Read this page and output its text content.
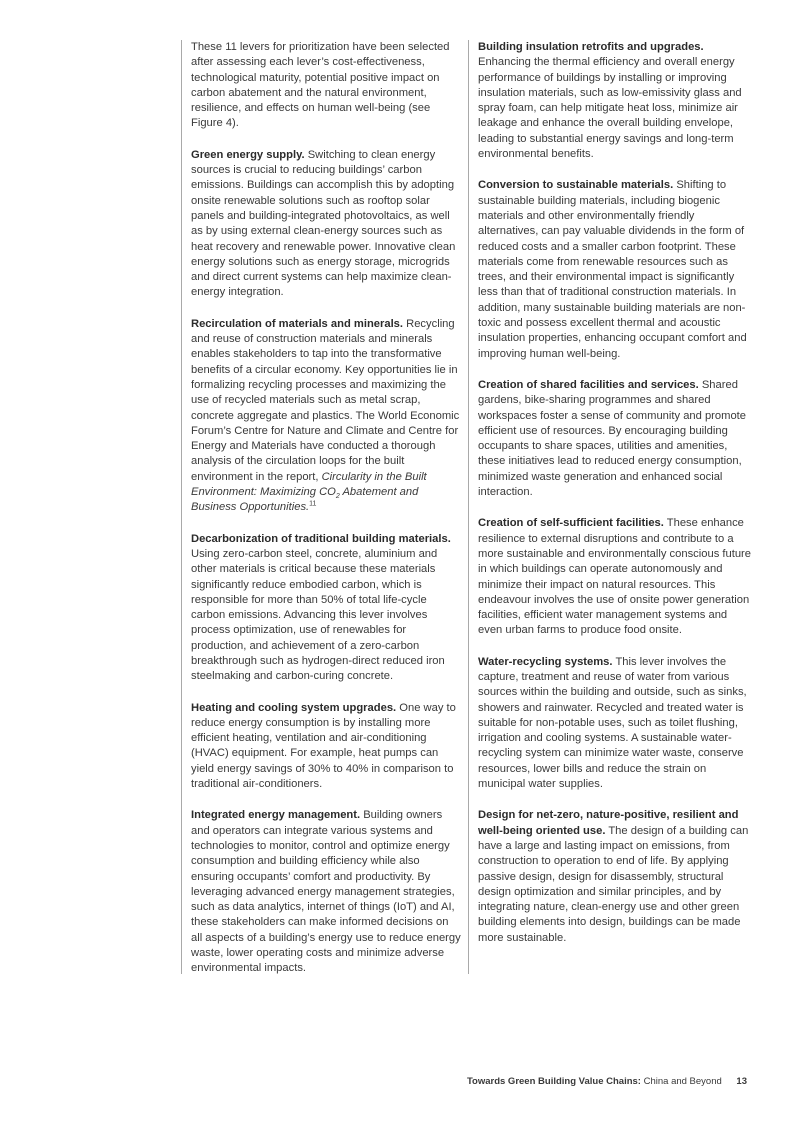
These 11 levers for prioritization have been selected after assessing each lever’s cost-effectiveness, technological maturity, potential positive impact on carbon abatement and the natural environment, resilience, and effects on human well-being (see Figure 4).

Green energy supply. Switching to clean energy sources is crucial to reducing buildings’ carbon emissions. Buildings can accomplish this by adopting onsite renewable solutions such as rooftop solar panels and building-integrated photovoltaics, as well as by using external clean-energy sources such as heat recovery and renewable power. Innovative clean energy solutions such as energy storage, microgrids and direct current systems can help maximize clean-energy integration.

Recirculation of materials and minerals. Recycling and reuse of construction materials and minerals enables stakeholders to tap into the transformative benefits of a circular economy. Key opportunities lie in formalizing recycling processes and maximizing the use of recycled materials such as metal scrap, concrete aggregate and plastics. The World Economic Forum’s Centre for Nature and Climate and Centre for Energy and Materials have conducted a thorough analysis of the circulation loops for the built environment in the report, Circularity in the Built Environment: Maximizing $CO_2$ Abatement and Business Opportunities.$^{11}$

Decarbonization of traditional building materials. Using zero-carbon steel, concrete, aluminium and other materials is critical because these materials significantly reduce embodied carbon, which is responsible for more than 50% of total life-cycle carbon emissions. Advancing this lever involves process optimization, use of renewables for production, and achievement of a zero-carbon breakthrough such as hydrogen-direct reduced iron steelmaking and carbon-curing concrete.

Heating and cooling system upgrades. One way to reduce energy consumption is by installing more efficient heating, ventilation and air-conditioning (HVAC) equipment. For example, heat pumps can yield energy savings of 30% to 40% in comparison to traditional air-conditioners.

Integrated energy management. Building owners and operators can integrate various systems and technologies to monitor, control and optimize energy consumption and building efficiency while also ensuring occupants’ comfort and productivity. By leveraging advanced energy management strategies, such as data analytics, internet of things (IoT) and AI, these stakeholders can make informed decisions on all aspects of a building’s energy use to reduce energy waste, lower operating costs and minimize adverse environmental impacts.

Building insulation retrofits and upgrades. Enhancing the thermal efficiency and overall energy performance of buildings by installing or improving insulation materials, such as low-emissivity glass and spray foam, can help mitigate heat loss, minimize air leakage and enhance the overall building envelope, leading to substantial energy savings and long-term environmental benefits.

Conversion to sustainable materials. Shifting to sustainable building materials, including biogenic materials and other environmentally friendly alternatives, can pay valuable dividends in the form of reduced costs and a smaller carbon footprint. These materials come from renewable resources such as trees, and their environmental impact is significantly less than that of traditional construction materials. In addition, many sustainable building materials are non-toxic and possess excellent thermal and acoustic insulation properties, enhancing occupant comfort and improving human well-being.

Creation of shared facilities and services. Shared gardens, bike-sharing programmes and shared workspaces foster a sense of community and promote efficient use of resources. By encouraging building occupants to share spaces, utilities and amenities, these initiatives lead to reduced energy consumption, minimized waste generation and enhanced social interaction.

Creation of self-sufficient facilities. These enhance resilience to external disruptions and contribute to a more sustainable and environmentally conscious future in which buildings can operate autonomously and minimize their impact on natural resources. This endeavour involves the use of onsite power generation facilities, efficient water management systems and even urban farms to produce food onsite.

Water-recycling systems. This lever involves the capture, treatment and reuse of water from various sources within the building and outside, such as sinks, showers and rainwater. Recycled and treated water is suitable for non-potable uses, such as toilet flushing, irrigation and cooling systems. A sustainable water-recycling system can minimize water waste, conserve resources, lower bills and reduce the strain on municipal water supplies.

Design for net-zero, nature-positive, resilient and well-being oriented use. The design of a building can have a large and lasting impact on emissions, from construction to operation to end of life. By applying passive design, design for disassembly, structural design optimization and similar principles, and by integrating nature, clean-energy use and other green building elements into design, buildings can be made more sustainable.

Towards Green Building Value Chains: China and Beyond 13
